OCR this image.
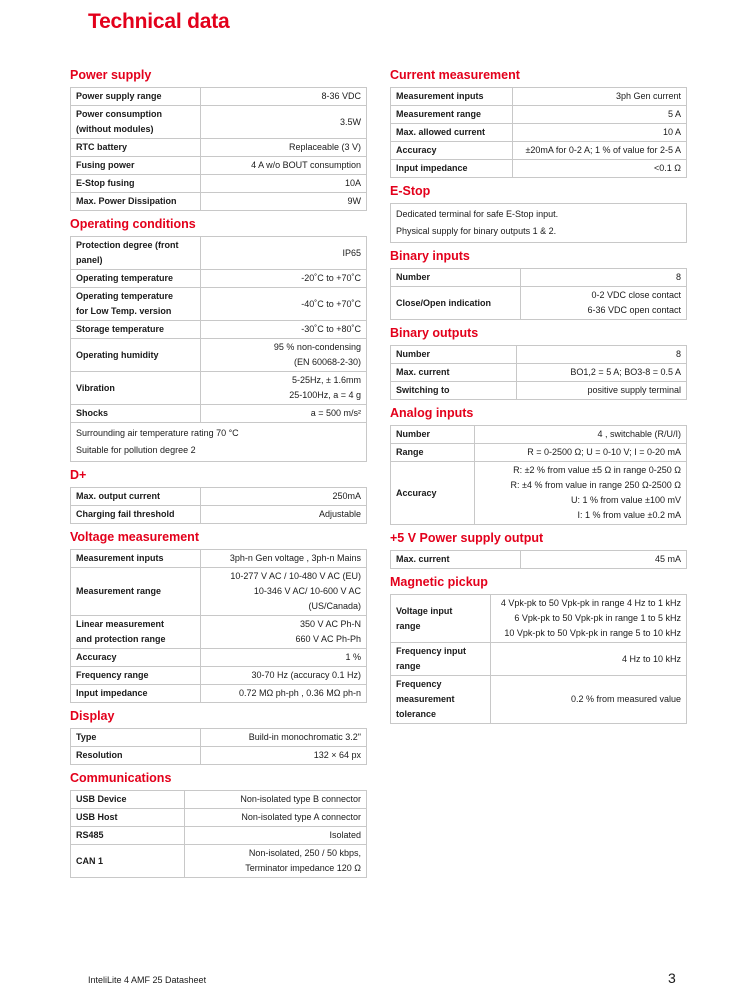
Technical data
Power supply
Power supply range	8-36 VDC
Power consumption
(without modules)	3.5W
RTC battery	Replaceable (3 V)
Fusing power	4 A w/o BOUT consumption
E-Stop fusing	10A
Max. Power Dissipation	9W
Operating conditions
Protection degree (front
panel)	IP65
Operating temperature	-20˚C to +70˚C
Operating temperature
for Low Temp. version	-40˚C to +70˚C
Storage temperature	-30˚C to +80˚C
Operating humidity	95 % non-condensing
(EN 60068-2-30)
Vibration	5-25Hz, ± 1.6mm
25-100Hz, a = 4 g
Shocks	a = 500 m/s²
Surrounding air temperature rating 70 °C	
Suitable for pollution degree 2	
D+
Max. output current	250mA
Charging fail threshold	Adjustable
Voltage measurement
Measurement inputs	3ph-n Gen voltage , 3ph-n Mains
Measurement range	10-277 V AC / 10-480 V AC (EU)
10-346 V AC/ 10-600 V AC
(US/Canada)
Linear measurement
and protection range	350 V AC Ph-N
660 V AC Ph-Ph
Accuracy	1 %
Frequency range	30-70 Hz (accuracy 0.1 Hz)
Input impedance	0.72 MΩ ph-ph , 0.36 MΩ ph-n
Display
Type	Build-in monochromatic 3.2"
Resolution	132 × 64 px
Communications
USB Device	Non-isolated type B connector
USB Host	Non-isolated type A connector
RS485	Isolated
CAN 1	Non-isolated, 250 / 50 kbps,
Terminator impedance 120 Ω
Current measurement
Measurement inputs	3ph Gen current
Measurement range	5 A
Max. allowed current	10 A
Accuracy	±20mA for 0-2 A; 1 % of value for 2-5 A
Input impedance	<0.1 Ω
E-Stop
Dedicated terminal for safe E-Stop input.
Physical supply for binary outputs 1 & 2.
Binary inputs
Number	8
Close/Open indication	0-2 VDC close contact
6-36 VDC open contact
Binary outputs
Number	8
Max. current	BO1,2 = 5 A; BO3-8 = 0.5 A
Switching to	positive supply terminal
Analog inputs
Number	4 , switchable (R/U/I)
Range	R = 0-2500 Ω; U = 0-10 V; I = 0-20 mA
Accuracy	R: ±2 % from value ±5 Ω in range 0-250 Ω
R: ±4 % from value in range 250 Ω-2500 Ω
U: 1 % from value ±100 mV
I: 1 % from value ±0.2 mA
+5 V Power supply output
Max. current	45 mA
Magnetic pickup
Voltage input
range	4 Vpk-pk to 50 Vpk-pk in range 4 Hz to 1 kHz
6 Vpk-pk to 50 Vpk-pk in range 1 to 5 kHz
10 Vpk-pk to 50 Vpk-pk in range 5 to 10 kHz
Frequency input
range	4 Hz to 10 kHz
Frequency
measurement
tolerance	0.2 % from measured value
InteliLite 4 AMF 25 Datasheet	3
